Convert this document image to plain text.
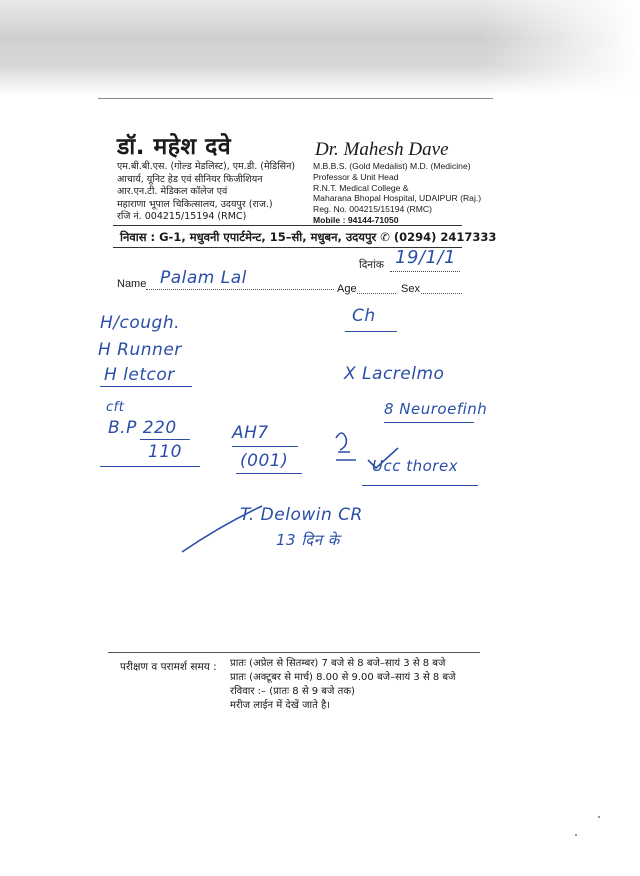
डॉ. महेश दवे
एम.बी.बी.एस. (गोल्ड मेडलिस्ट), एम.डी. (मेडिसिन)
आचार्य, यूनिट हेड एवं सीनियर फिजीशियन
आर.एन.टी. मेडिकल कॉलेज एवं
महाराणा भूपाल चिकित्सालय, उदयपुर (राज.)
रजि नं. 004215/15194 (RMC)
Dr. Mahesh Dave
M.B.B.S. (Gold Medalist) M.D. (Medicine)
Professor & Unit Head
R.N.T. Medical College &
Maharana Bhopal Hospital, UDAIPUR (Raj.)
Reg. No. 004215/15194 (RMC)
Mobile : 94144-71050
निवास : G-1, मधुवनी एपार्टमेन्ट, 15–सी, मधुबन, उदयपुर ✆ (0294) 2417333
दिनांक 19/1/1
Name Palam Lal
Age	Sex
H/cough.
H Runner
H letcor
cft
B.P 220
110
AH7
(001)
Ch
X Lacrelmo
8 Neuroefinh
Ucc thorex
T. Delowin CR
13 दिन के
परीक्षण व परामर्श समय : प्रातः (अप्रेल से सितम्बर) 7 बजे से 8 बजे–सायं 3 से 8 बजे
प्रातः (अक्टूबर से मार्च) 8.00 से 9.00 बजे–सायं 3 से 8 बजे
रविवार :– (प्रातः 8 से 9 बजे तक)
मरीज लाईन में देखें जाते है।
